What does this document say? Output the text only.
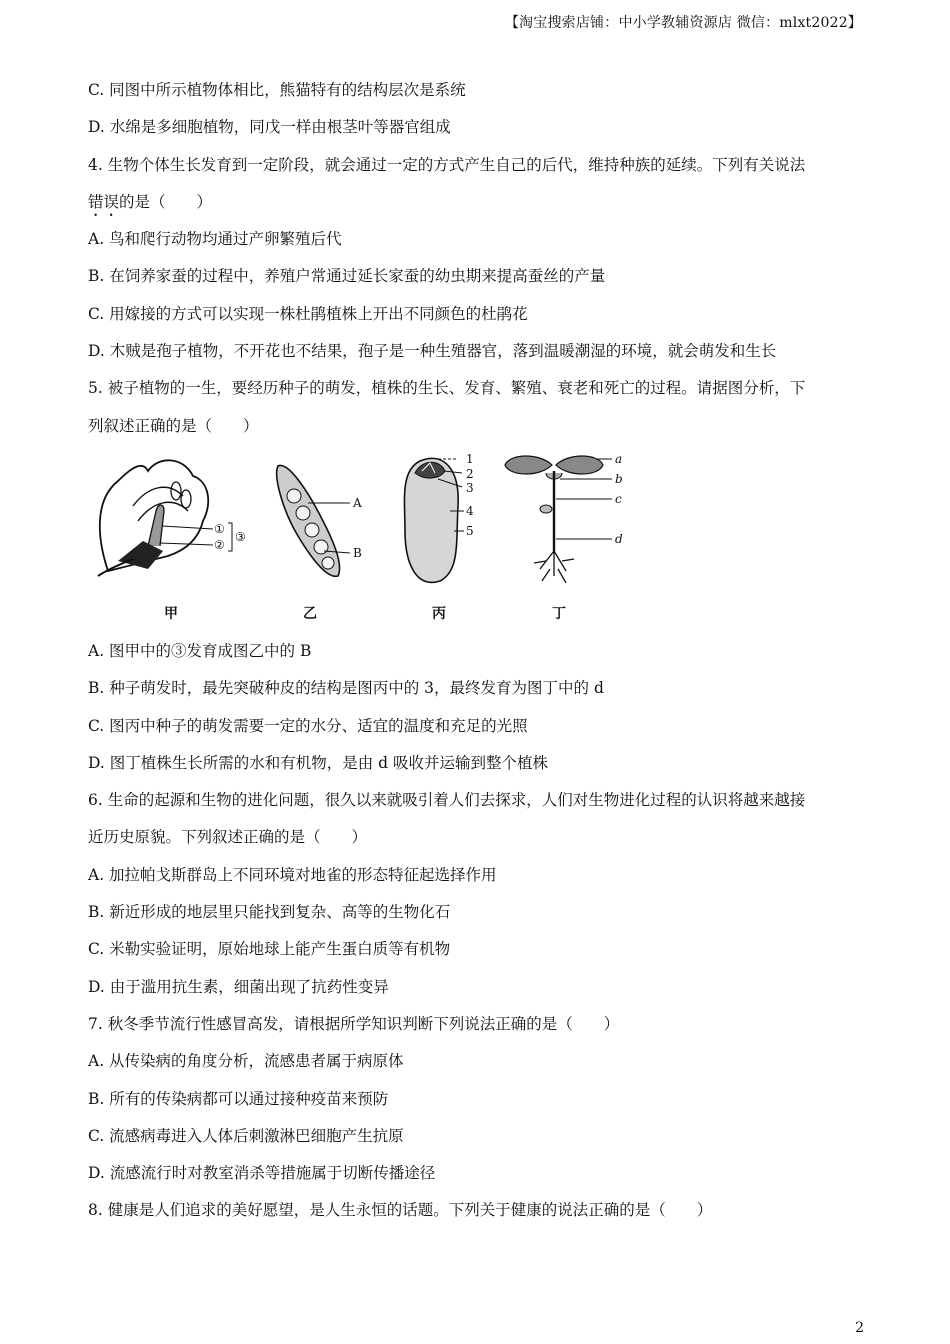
【淘宝搜索店铺：中小学教辅资源店 微信：mlxt2022】
C. 同图中所示植物体相比，熊猫特有的结构层次是系统
D. 水绵是多细胞植物，同戊一样由根茎叶等器官组成
4. 生物个体生长发育到一定阶段，就会通过一定的方式产生自己的后代，维持种族的延续。下列有关说法
错误的是（　　）
A. 鸟和爬行动物均通过产卵繁殖后代
B. 在饲养家蚕的过程中，养殖户常通过延长家蚕的幼虫期来提高蚕丝的产量
C. 用嫁接的方式可以实现一株杜鹃植株上开出不同颜色的杜鹃花
D. 木贼是孢子植物，不开花也不结果，孢子是一种生殖器官，落到温暖潮湿的环境，就会萌发和生长
5. 被子植物的一生，要经历种子的萌发，植株的生长、发育、繁殖、衰老和死亡的过程。请据图分析，下
列叙述正确的是（　　）
①
②
③
甲
A
B
乙
1
2
3
4
5
丙
a
b
c
d
丁
A. 图甲中的③发育成图乙中的 B
B. 种子萌发时，最先突破种皮的结构是图丙中的 3，最终发育为图丁中的 d
C. 图丙中种子的萌发需要一定的水分、适宜的温度和充足的光照
D. 图丁植株生长所需的水和有机物，是由 d 吸收并运输到整个植株
6. 生命的起源和生物的进化问题，很久以来就吸引着人们去探求，人们对生物进化过程的认识将越来越接
近历史原貌。下列叙述正确的是（　　）
A. 加拉帕戈斯群岛上不同环境对地雀的形态特征起选择作用
B. 新近形成的地层里只能找到复杂、高等的生物化石
C. 米勒实验证明，原始地球上能产生蛋白质等有机物
D. 由于滥用抗生素，细菌出现了抗药性变异
7. 秋冬季节流行性感冒高发，请根据所学知识判断下列说法正确的是（　　）
A. 从传染病的角度分析，流感患者属于病原体
B. 所有的传染病都可以通过接种疫苗来预防
C. 流感病毒进入人体后刺激淋巴细胞产生抗原
D. 流感流行时对教室消杀等措施属于切断传播途径
8. 健康是人们追求的美好愿望，是人生永恒的话题。下列关于健康的说法正确的是（　　）
2
